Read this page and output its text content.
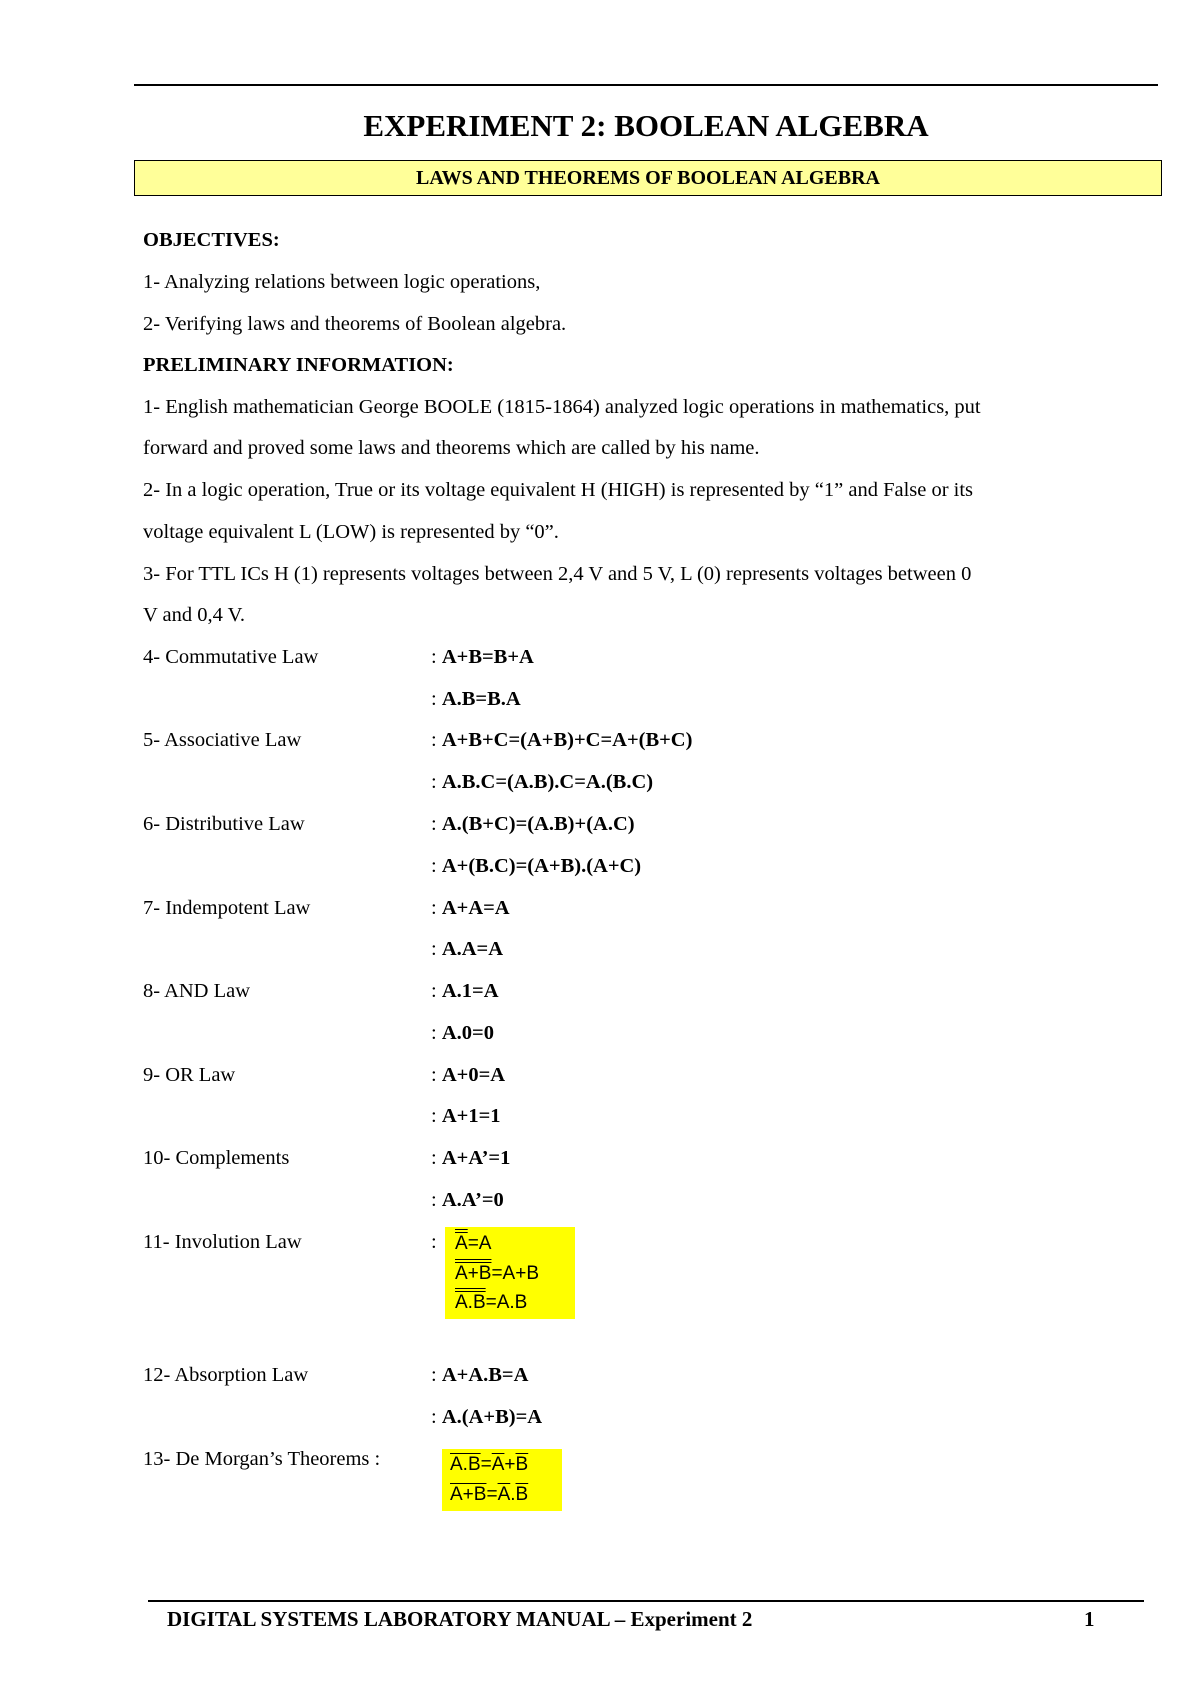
EXPERIMENT 2: BOOLEAN ALGEBRA
LAWS AND THEOREMS OF BOOLEAN ALGEBRA
OBJECTIVES:
1- Analyzing relations between logic operations,
2- Verifying laws and theorems of Boolean algebra.
PRELIMINARY INFORMATION:
1- English mathematician George BOOLE (1815-1864) analyzed logic operations in mathematics, put
forward and proved some laws and theorems which are called by his name.
2- In a logic operation, True or its voltage equivalent H (HIGH) is represented by “1” and False or its
voltage equivalent L (LOW) is represented by “0”.
3- For TTL ICs H (1) represents voltages between 2,4 V and 5 V, L (0) represents voltages between 0
V and 0,4 V.
4- Commutative Law	: A+B=B+A
: A.B=B.A
5- Associative Law	: A+B+C=(A+B)+C=A+(B+C)
: A.B.C=(A.B).C=A.(B.C)
6- Distributive Law	: A.(B+C)=(A.B)+(A.C)
: A+(B.C)=(A+B).(A+C)
7- Indempotent Law	: A+A=A
: A.A=A
8- AND Law	: A.1=A
: A.0=0
9- OR Law	: A+0=A
: A+1=1
10- Complements	: A+A’=1
: A.A’=0
11- Involution Law	: A=A
A+B=A+B
A.B=A.B
12- Absorption Law	: A+A.B=A
: A.(A+B)=A
13- De Morgan’s Theorems :	$A.B=\overline{A}+\overline{B}$
$A+B=\overline{A}.\overline{B}$
DIGITAL SYSTEMS LABORATORY MANUAL – Experiment 2	1
